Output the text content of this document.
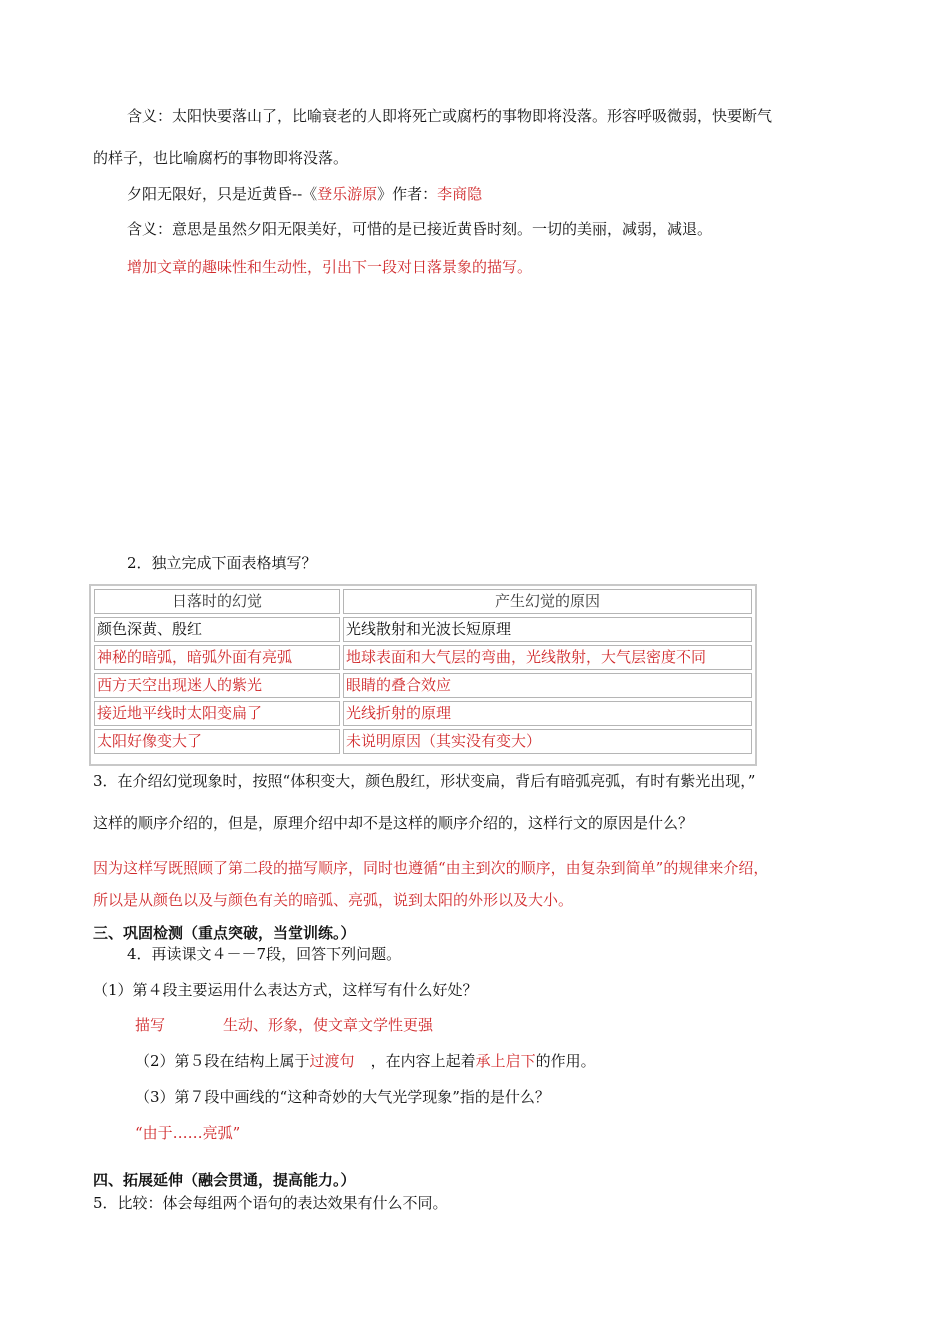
含义：太阳快要落山了，比喻衰老的人即将死亡或腐朽的事物即将没落。形容呼吸微弱，快要断气
的样子，也比喻腐朽的事物即将没落。
夕阳无限好，只是近黄昏--《登乐游原》作者：李商隐
含义：意思是虽然夕阳无限美好，可惜的是已接近黄昏时刻。一切的美丽，减弱，减退。
增加文章的趣味性和生动性，引出下一段对日落景象的描写。
2．独立完成下面表格填写？
日落时的幻觉	产生幻觉的原因
颜色深黄、殷红	光线散射和光波长短原理
神秘的暗弧，暗弧外面有亮弧	地球表面和大气层的弯曲，光线散射，大气层密度不同
西方天空出现迷人的紫光	眼睛的叠合效应
接近地平线时太阳变扁了	光线折射的原理
太阳好像变大了	未说明原因（其实没有变大）
3．在介绍幻觉现象时，按照“体积变大，颜色殷红，形状变扁，背后有暗弧亮弧，有时有紫光出现，”
这样的顺序介绍的，但是，原理介绍中却不是这样的顺序介绍的，这样行文的原因是什么？
因为这样写既照顾了第二段的描写顺序，同时也遵循“由主到次的顺序，由复杂到简单”的规律来介绍，
所以是从颜色以及与颜色有关的暗弧、亮弧，说到太阳的外形以及大小。
三、巩固检测（重点突破，当堂训练。）
4．再读课文４－－7段，回答下列问题。
（1）第４段主要运用什么表达方式，这样写有什么好处？
描写	生动、形象，使文章文学性更强
（2）第５段在结构上属于过渡句 ，在内容上起着承上启下的作用。
（3）第７段中画线的“这种奇妙的大气光学现象”指的是什么？
“由于……亮弧”
四、拓展延伸（融会贯通，提高能力。）
5．比较：体会每组两个语句的表达效果有什么不同。
